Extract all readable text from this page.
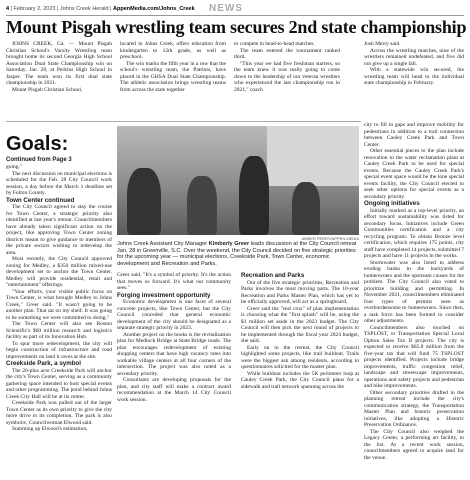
4 | February 2, 2023 | Johns Creek Herald | AppenMedia.com/Johns_Creek NEWS
Mount Pisgah wrestling team secures 2nd state championship

JOHNS CREEK, Ga. — Mount Pisgah Christian School's Varsity Wrestling team brought home its second Georgia High School Association Dual State Championship win on Saturday, Jan. 28, at Perkins High School in Jasper. The team won its first dual state championship in 2021.

Mount Pisgah Christian School,

located in Johns Creek, offers education from kindergarten to 12th grade, as well as preschool.

The win marks the fifth year in a row that the school's wrestling team, the Patriots, have placed in the GHSA Dual State Championship. The athletic association brings wrestling teams from across the state together

to compete in head-to-head matches.

The team entered the tournament ranked third.

"This year we had five freshman starters, so the team knew it was really going to come down to the leadership of our veteran wrestlers who experienced the last championship run in 2021," coach

Josh Merry said.

Across the wrestling matches, nine of the wrestlers remained undefeated, and five did not give up a single fall.

With a statewide win secured, the wrestling team will head to the individual state championship in February.

Goals:
Continued from Page 3
AMBER PERRY/APPEN MEDIA
Johns Creek Assistant City Manager Kimberly Greer leads discussion at the City Council retreat Jan. 28 in Greenville, S.C. Over the weekend, the City Council decided on five strategic priorities for the upcoming year — municipal elections, Creekside Park, Town Center, economic development and Recreation and Parks.

going."

The next discussion on municipal elections is scheduled for the Feb. 28 City Council work session, a day before the March 1 deadline set by Fulton County.

Town Center continued

The City Council agreed to stay the course for Town Center, a strategic priority also identified at last year's retreat. Councilmembers have already taken significant action on the project, like approving Town Center zoning districts meant to give guidance to members of the private sectors wishing to redevelop the area.

Most recently, the City Council approved zoning for Medley, a $350 million mixed-use development set to anchor the Town Center. Medley will provide residential, retail and "entertainment" offerings.

"Your efforts, your visible public focus on Town Center, is what brought Medley to Johns Creek," Greer said. "It wasn't going to be another plan. That sat on my shelf. It was going to be something we were committed to doing."

The Town Center will also see Boston Scientific's $60 million research and logistics facility as part of its Innovation Hub.

To spur more redevelopment, the city will begin construction of infrastructure and road improvements on land it owns at the site.

Creekside Park, a symbol

The 20-plus acre Creekside Park will anchor the city's Town Center, serving as a community gathering space intended to host special events and other programming. The pond behind Johns Creek City Hall will be at its center.

Creekside Park was pulled out of the larger Town Center as its own priority to give the city more drive to its completion. The park is also symbolic, Councilwoman Elwood said.

Summing up Elwood's estimation,

Greer said, "It's a symbol of priority. It's the action that moves us forward. It's what our community sees."

Forging investment opportunity

Economic development is one facet of several concrete projects, like Town Center, but the City Council conceded that general economic development of the city should be designated as a separate strategic priority in 2023.

Another project on the books is the revitalization plan for Medlock Bridge at State Bridge roads. The plan encourages redevelopment of existing shopping centers that have high vacancy rates into walkable village centers at all four corners of the intersection. The project was also noted as a secondary priority.

Consultants are developing proposals for the plan, and city staff will make a contract award recommendation at the March 14 City Council work session.

Recreation and Parks

Out of the five strategic priorities, Recreation and Parks involves the most moving parts. The 10-year Recreation and Parks Master Plan, which has yet to be officially approved, will act as a springboard.

Greer said the "real crux" of plan implementation is choosing what the "first splash" will be, using the $1 million set aside in the 2023 budget. The City Council will then pick the next round of projects to be implemented through the fiscal year 2024 budget, she said.

Early on in the retreat, the City Council highlighted some projects, like trail buildout. Trails were the biggest ask among residents, according to questionnaires solicited for the master plan.

While buildout includes the 5K perimeter loop at Cauley Creek Park, the City Council plans for a sidewalk and trail network spanning across the

city to fill in gaps and improve mobility for pedestrians in addition to a trail connection between Cauley Creek Park and Town Center.

Other essential pieces to the plan include renovation to the water reclamation plant at Cauley Creek Park to be used for special events. Because the Cauley Creek Park's special event space would be the lone special events facility, the City Council elected to seek other options for special events as a secondary priority.

Ongoing initiatives

Initially marked as a top-level priority, an effort toward sustainability was listed for secondary focus. Initiatives include Green Communities certification and a city recycling program. To obtain Bronze level certification, which requires 175 points, city staff have completed 14 projects, submitted 7 projects and have 11 projects in the works.

Stormwater was also listed to address eroding banks in the backyards of homeowners and the upstream causes for the problem. The City Council also voted to prioritize building and permitting. In November 2021, councilmembers eliminated four types of permits seen as overburdensome to homeowners. Since then, a task force has been formed to consider other adjustments.

Councilmembers also touched on TSPLOST, or Transportation Special Local Option Sales Tax II projects. The city is expected to receive $65.8 million from the five-year tax that will fund 75 TSPLOST projects identified. Projects include bridge improvements, traffic congestion relief, landscape and streetscape improvements, operations and safety projects and pedestrian and bike improvements.

Other secondary priorities drafted in the planning retreat include the city's communication strategy, the Transportation Master Plan and historic preservation initiatives, like adopting a Historic Preservation Ordinance.

The City Council also weighed the Legacy Center, a performing art facility, to the list. At a recent work session, councilmembers agreed to acquire land for the venue.
